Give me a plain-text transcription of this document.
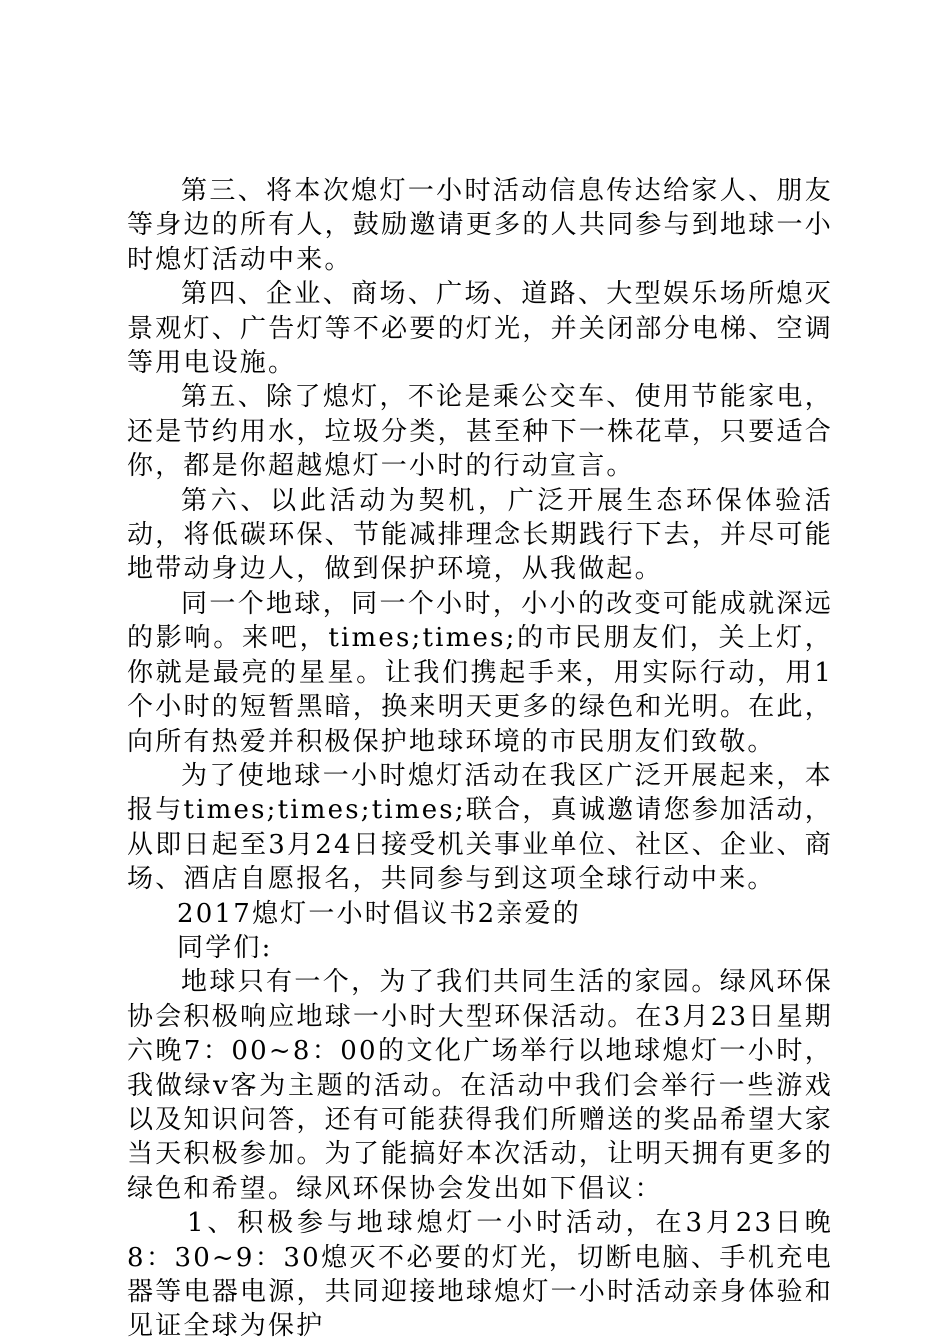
第三、将本次熄灯一小时活动信息传达给家人、朋友等身边的所有人，鼓励邀请更多的人共同参与到地球一小时熄灯活动中来。

第四、企业、商场、广场、道路、大型娱乐场所熄灭景观灯、广告灯等不必要的灯光，并关闭部分电梯、空调等用电设施。

第五、除了熄灯，不论是乘公交车、使用节能家电，还是节约用水，垃圾分类，甚至种下一株花草，只要适合你，都是你超越熄灯一小时的行动宣言。

第六、以此活动为契机，广泛开展生态环保体验活动，将低碳环保、节能减排理念长期践行下去，并尽可能地带动身边人，做到保护环境，从我做起。

同一个地球，同一个小时，小小的改变可能成就深远的影响。来吧，times;times;的市民朋友们，关上灯，你就是最亮的星星。让我们携起手来，用实际行动，用1个小时的短暂黑暗，换来明天更多的绿色和光明。在此，向所有热爱并积极保护地球环境的市民朋友们致敬。

为了使地球一小时熄灯活动在我区广泛开展起来，本报与times;times;times;联合，真诚邀请您参加活动，从即日起至3月24日接受机关事业单位、社区、企业、商场、酒店自愿报名，共同参与到这项全球行动中来。

2017熄灯一小时倡议书2亲爱的

同学们:

地球只有一个，为了我们共同生活的家园。绿风环保协会积极响应地球一小时大型环保活动。在3月23日星期六晚7：00~8：00的文化广场举行以地球熄灯一小时，我做绿v客为主题的活动。在活动中我们会举行一些游戏以及知识问答，还有可能获得我们所赠送的奖品希望大家当天积极参加。为了能搞好本次活动，让明天拥有更多的绿色和希望。绿风环保协会发出如下倡议：

1、积极参与地球熄灯一小时活动，在3月23日晚8：30~9：30熄灭不必要的灯光，切断电脑、手机充电器等电器电源，共同迎接地球熄灯一小时活动亲身体验和见证全球为保护
